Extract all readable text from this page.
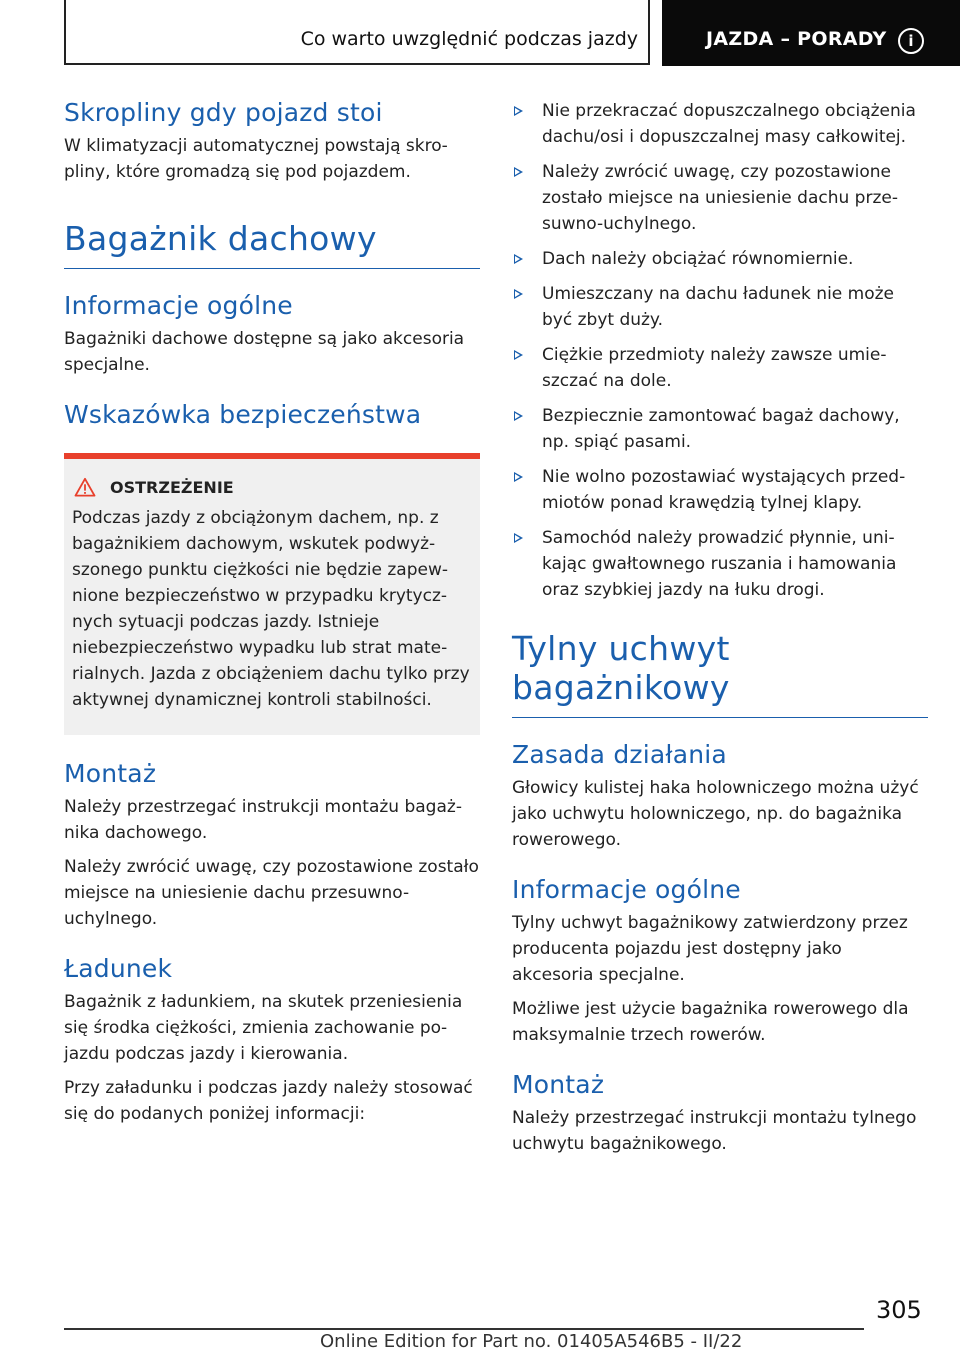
Co warto uwzględnić podczas jazdy	JAZDA – PORADY	i
Skropliny gdy pojazd stoi

W klimatyzacji automatycznej powstają skropliny, które gromadzą się pod pojazdem.

Bagażnik dachowy
Informacje ogólne

Bagażniki dachowe dostępne są jako akcesoria specjalne.

Wskazówka bezpieczeństwa
OSTRZEŻENIE

Podczas jazdy z obciążonym dachem, np. z bagażnikiem dachowym, wskutek podwyższonego punktu ciężkości nie będzie zapewnione bezpieczeństwo w przypadku krytycznych sytuacji podczas jazdy. Istnieje niebezpieczeństwo wypadku lub strat materialnych. Jazda z obciążeniem dachu tylko przy aktywnej dynamicznej kontroli stabilności.

Montaż

Należy przestrzegać instrukcji montażu bagażnika dachowego.

Należy zwrócić uwagę, czy pozostawione zostało miejsce na uniesienie dachu przesuwno-uchylnego.

Ładunek

Bagażnik z ładunkiem, na skutek przeniesienia się środka ciężkości, zmienia zachowanie pojazdu podczas jazdy i kierowania.

Przy załadunku i podczas jazdy należy stosować się do podanych poniżej informacji:

Nie przekraczać dopuszczalnego obciążenia dachu/osi i dopuszczalnej masy całkowitej.
Należy zwrócić uwagę, czy pozostawione zostało miejsce na uniesienie dachu przesuwno-uchylnego.
Dach należy obciążać równomiernie.
Umieszczany na dachu ładunek nie może być zbyt duży.
Ciężkie przedmioty należy zawsze umieszczać na dole.
Bezpiecznie zamontować bagaż dachowy, np. spiąć pasami.
Nie wolno pozostawiać wystających przedmiotów ponad krawędzią tylnej klapy.
Samochód należy prowadzić płynnie, unikając gwałtownego ruszania i hamowania oraz szybkiej jazdy na łuku drogi.
Tylny uchwyt bagażnikowy
Zasada działania

Głowicy kulistej haka holowniczego można użyć jako uchwytu holowniczego, np. do bagażnika rowerowego.

Informacje ogólne

Tylny uchwyt bagażnikowy zatwierdzony przez producenta pojazdu jest dostępny jako akcesoria specjalne.

Możliwe jest użycie bagażnika rowerowego dla maksymalnie trzech rowerów.

Montaż

Należy przestrzegać instrukcji montażu tylnego uchwytu bagażnikowego.

305
Online Edition for Part no. 01405A546B5 - II/22
